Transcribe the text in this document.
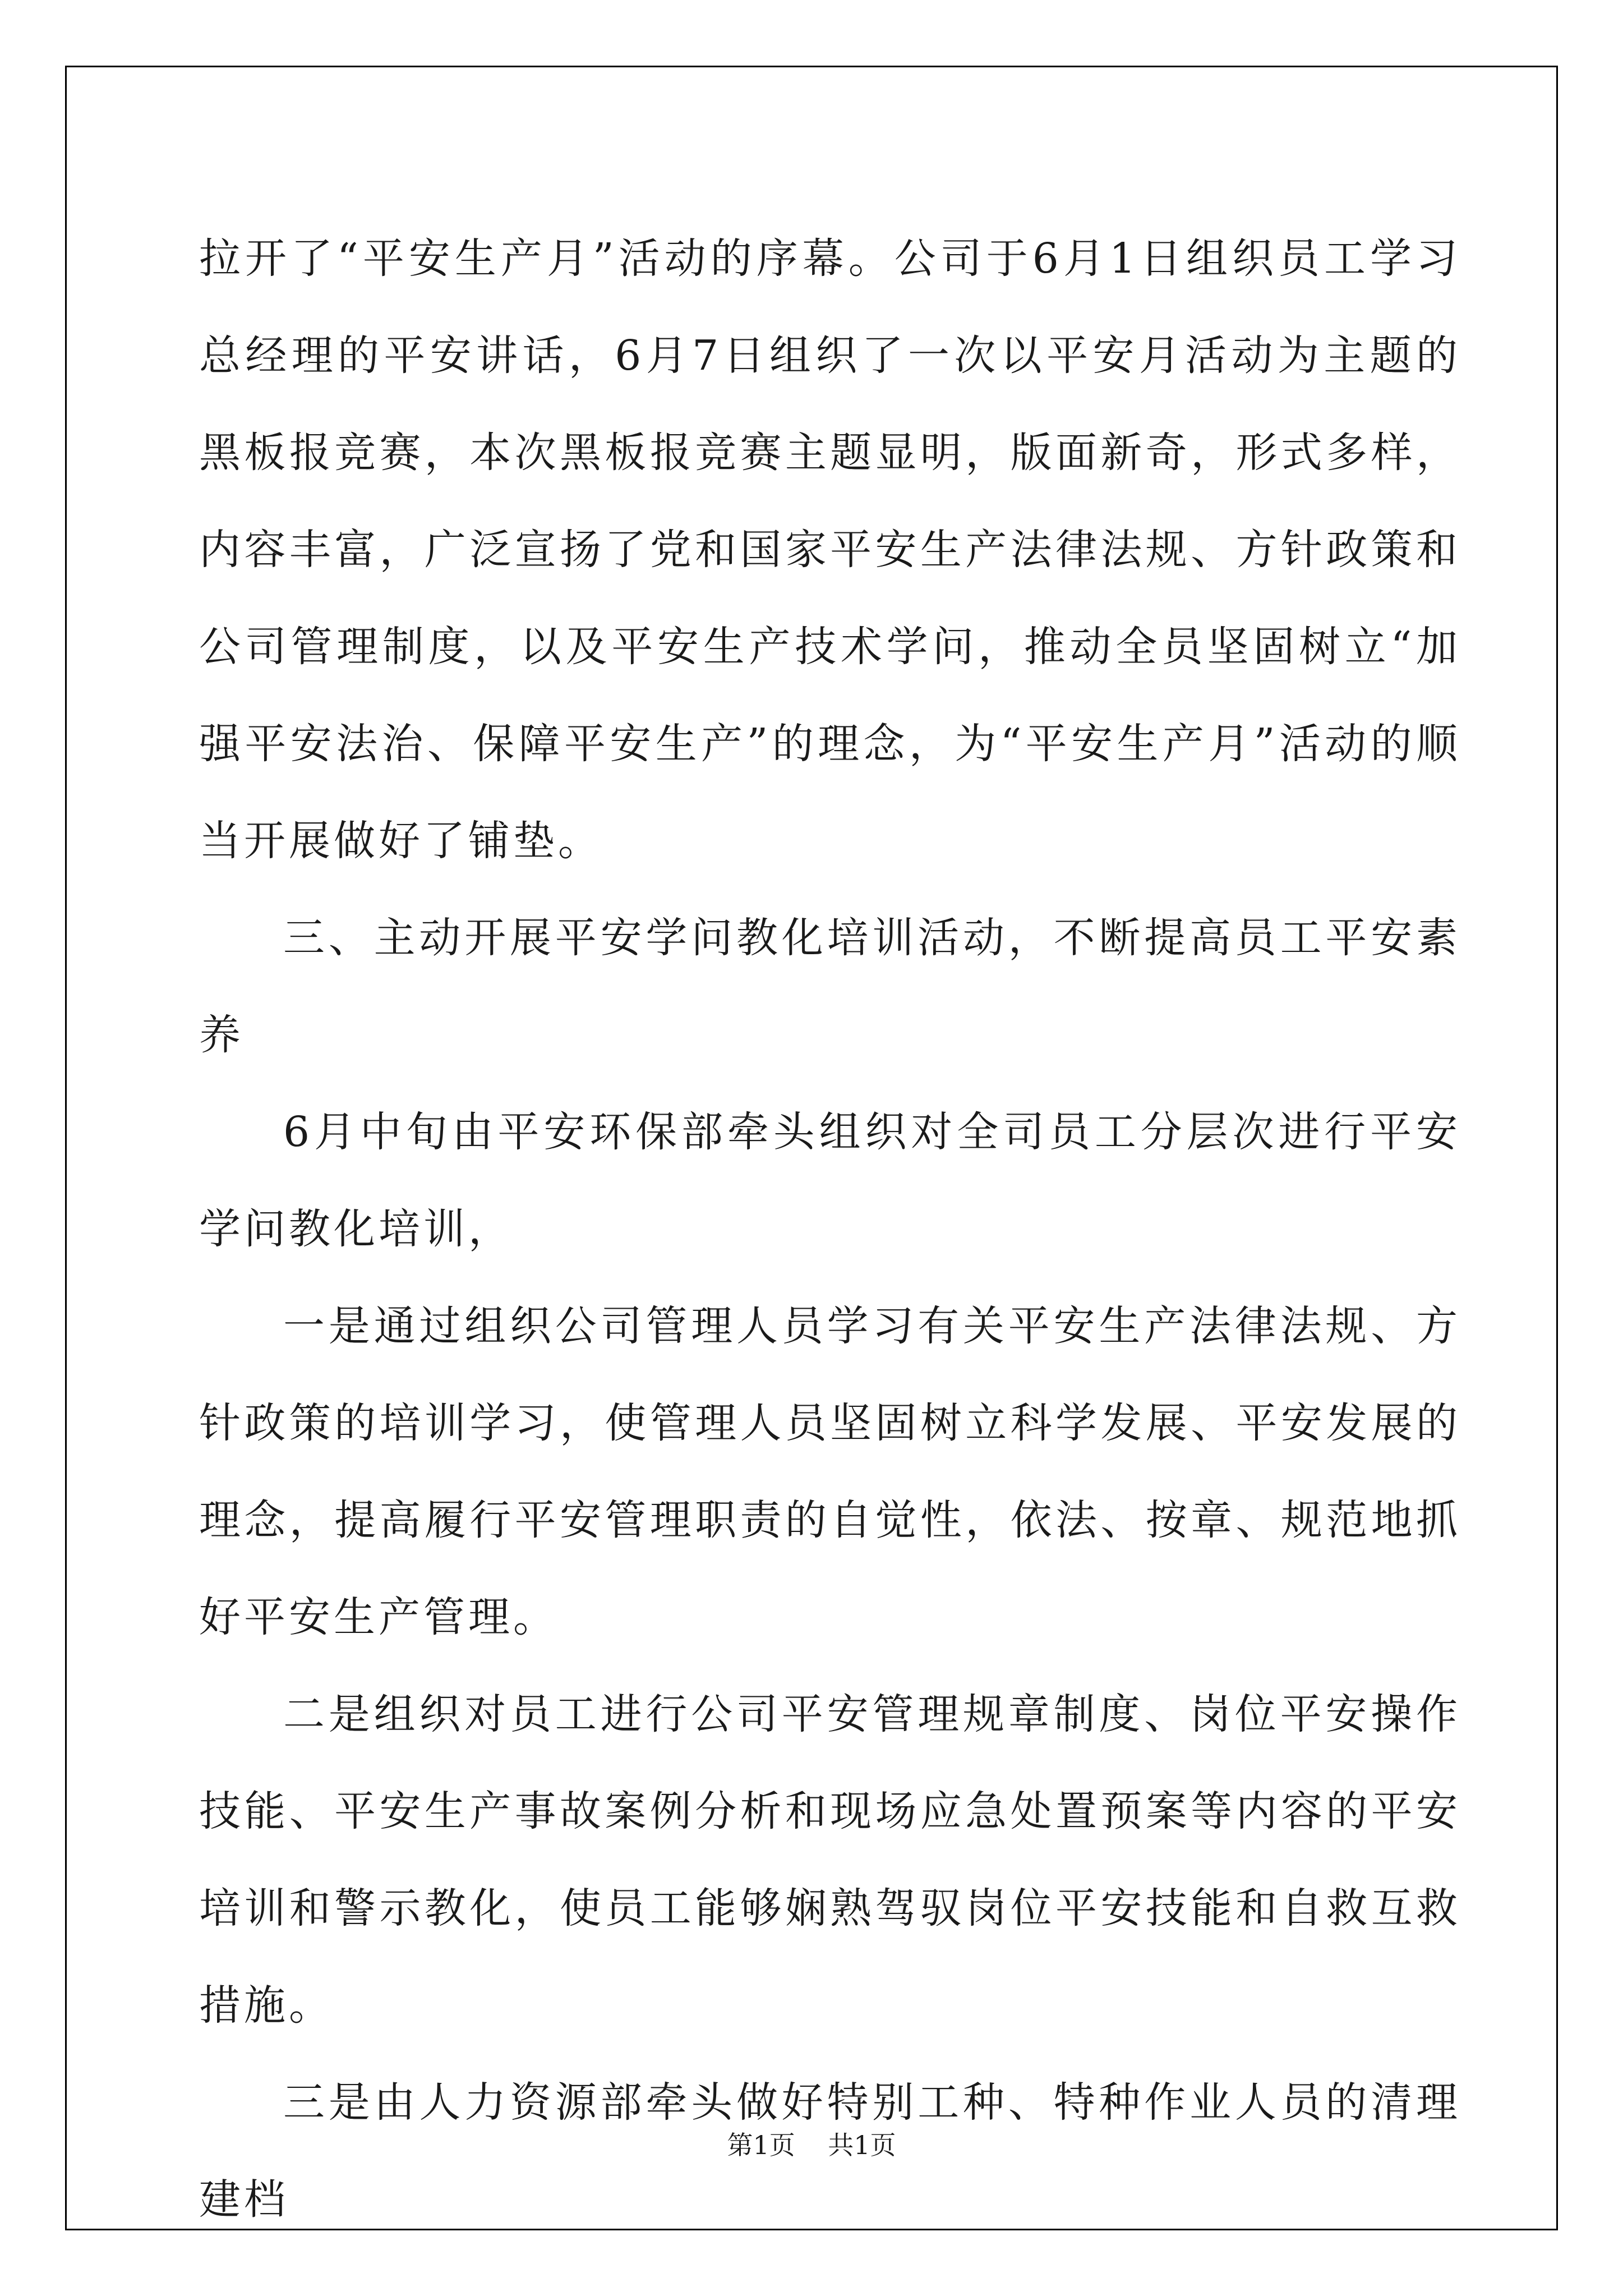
拉开了“平安生产月”活动的序幕。公司于6月1日组织员工学习总经理的平安讲话，6月7日组织了一次以平安月活动为主题的黑板报竞赛，本次黑板报竞赛主题显明，版面新奇，形式多样，内容丰富，广泛宣扬了党和国家平安生产法律法规、方针政策和公司管理制度，以及平安生产技术学问，推动全员坚固树立“加强平安法治、保障平安生产”的理念，为“平安生产月”活动的顺当开展做好了铺垫。

三、主动开展平安学问教化培训活动，不断提高员工平安素养

6月中旬由平安环保部牵头组织对全司员工分层次进行平安学问教化培训，

一是通过组织公司管理人员学习有关平安生产法律法规、方针政策的培训学习，使管理人员坚固树立科学发展、平安发展的理念，提高履行平安管理职责的自觉性，依法、按章、规范地抓好平安生产管理。

二是组织对员工进行公司平安管理规章制度、岗位平安操作技能、平安生产事故案例分析和现场应急处置预案等内容的平安培训和警示教化，使员工能够娴熟驾驭岗位平安技能和自救互救措施。

三是由人力资源部牵头做好特别工种、特种作业人员的清理建档

第1页 共1页
